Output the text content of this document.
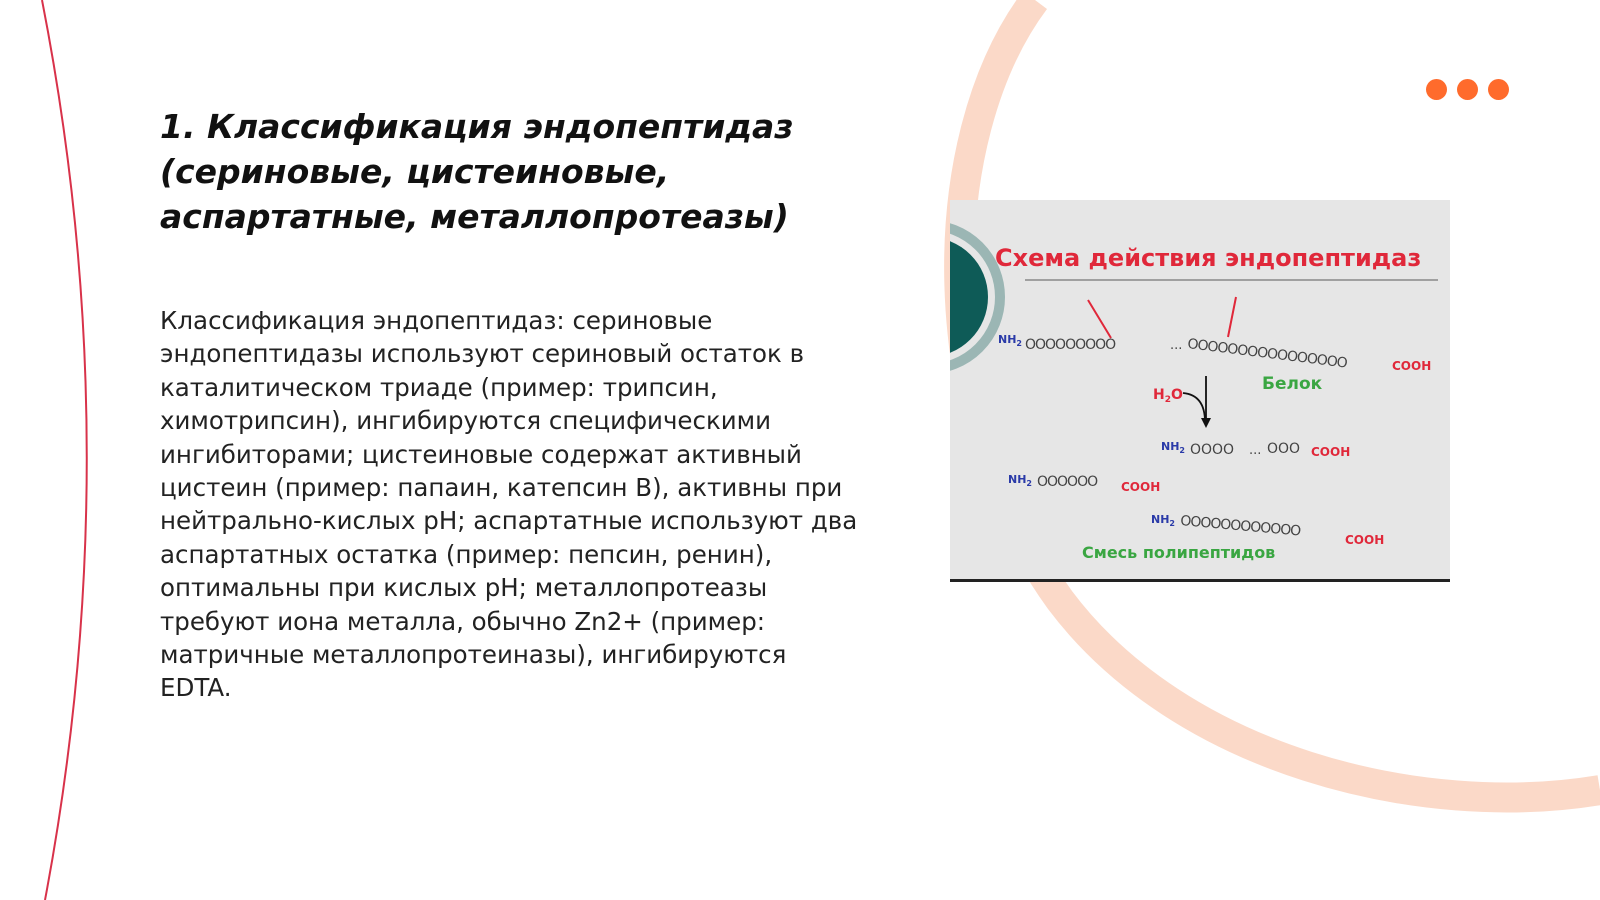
1. Классификация эндопептидаз (сериновые, цистеиновые, аспартатные, металлопротеазы)

Классификация эндопептидаз: сериновые эндопептидазы используют сериновый остаток в каталитическом триаде (пример: трипсин, химотрипсин), ингибируются специфическими ингибиторами; цистеиновые содержат активный цистеин (пример: папаин, катепсин В), активны при нейтрально-кислых pH; аспартатные используют два аспартатных остатка (пример: пепсин, ренин), оптимальны при кислых pH; металлопротеазы требуют иона металла, обычно Zn2+ (пример: матричные металлопротеиназы), ингибируются EDTA.

Схема действия эндопептидаз
$NH_2$ OOOOOOOOO	... OOOOOOOOOOOOOOOO	COOH
Белок
$H_2O$
$NH_2$ OOOO ... OOO COOH
$NH_2$ OOOOOO COOH
$NH_2$ OOOOOOOOOOOO
COOH
Смесь полипептидов
